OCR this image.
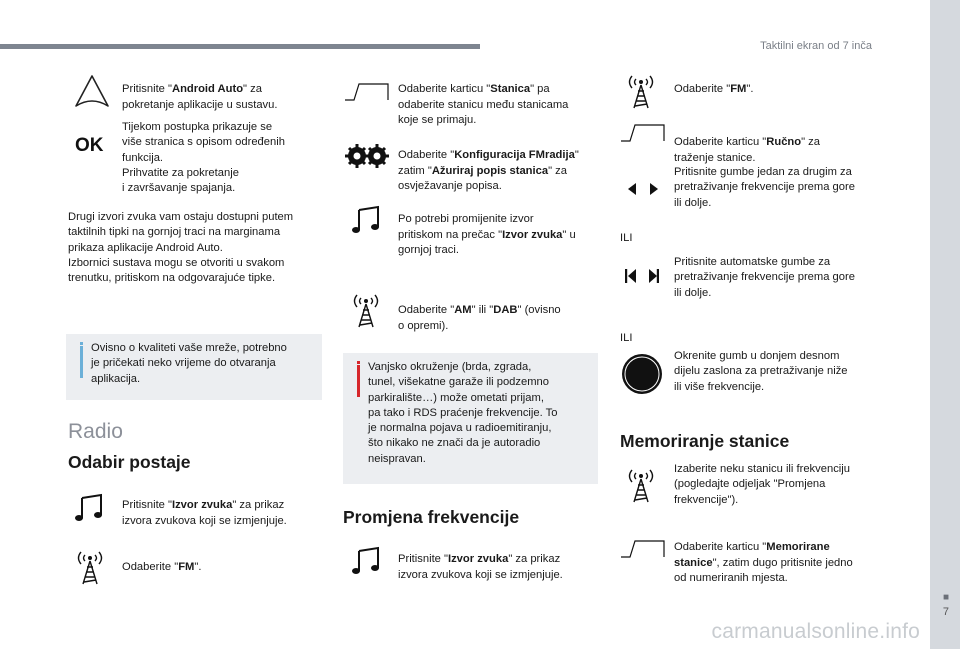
Taktilni ekran od 7 inča
■
7
carmanualsonline.info

Pritisnite "Android Auto" za
pokretanje aplikacije u sustavu.

OK
Tijekom postupka prikazuje se
više stranica s opisom određenih
funkcija.
Prihvatite za pokretanje
i završavanje spajanja.
Drugi izvori zvuka vam ostaju dostupni putem
taktilnih tipki na gornjoj traci na marginama
prikaza aplikacije Android Auto.
Izbornici sustava mogu se otvoriti u svakom
trenutku, pritiskom na odgovarajuće tipke.
Ovisno o kvaliteti vaše mreže, potrebno
je pričekati neko vrijeme do otvaranja
aplikacija.
Radio
Odabir postaje

Pritisnite "Izvor zvuka" za prikaz
izvora zvukova koji se izmjenjuje.

Odaberite "FM".

Odaberite karticu "Stanica" pa
odaberite stanicu među stanicama
koje se primaju.

Odaberite "Konfiguracija FMradija"
zatim "Ažuriraj popis stanica" za
osvježavanje popisa.

Po potrebi promijenite izvor
pritiskom na prečac "Izvor zvuka" u
gornjoj traci.

Odaberite "AM" ili "DAB" (ovisno
o opremi).

Vanjsko okruženje (brda, zgrada,
tunel, višekatne garaže ili podzemno
parkiralište…) može ometati prijam,
pa tako i RDS praćenje frekvencije. To
je normalna pojava u radioemitiranju,
što nikako ne znači da je autoradio
neispravan.
Promjena frekvencije

Pritisnite "Izvor zvuka" za prikaz
izvora zvukova koji se izmjenjuje.

Odaberite "FM".

Odaberite karticu "Ručno" za
traženje stanice.

Pritisnite gumbe jedan za drugim za
pretraživanje frekvencije prema gore
ili dolje.
ILI
Pritisnite automatske gumbe za
pretraživanje frekvencije prema gore
ili dolje.
ILI
Okrenite gumb u donjem desnom
dijelu zaslona za pretraživanje niže
ili više frekvencije.
Memoriranje stanice
Izaberite neku stanicu ili frekvenciju
(pogledajte odjeljak "Promjena
frekvencije").

Odaberite karticu "Memorirane
stanice", zatim dugo pritisnite jedno
od numeriranih mjesta.
